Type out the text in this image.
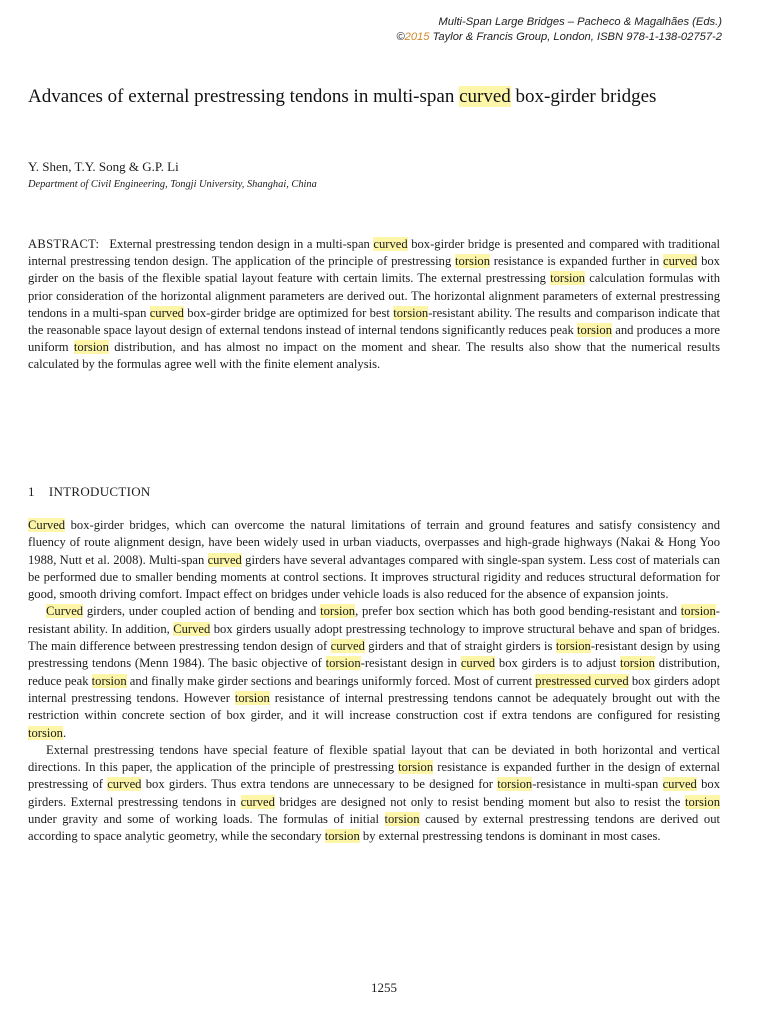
Multi-Span Large Bridges – Pacheco & Magalhães (Eds.)
©2015 Taylor & Francis Group, London, ISBN 978-1-138-02757-2
Advances of external prestressing tendons in multi-span curved box-girder bridges
Y. Shen, T.Y. Song & G.P. Li
Department of Civil Engineering, Tongji University, Shanghai, China
ABSTRACT: External prestressing tendon design in a multi-span curved box-girder bridge is presented and compared with traditional internal prestressing tendon design. The application of the principle of prestressing torsion resistance is expanded further in curved box girder on the basis of the flexible spatial layout feature with certain limits. The external prestressing torsion calculation formulas with prior consideration of the horizontal alignment parameters are derived out. The horizontal alignment parameters of external prestressing tendons in a multi-span curved box-girder bridge are optimized for best torsion-resistant ability. The results and comparison indicate that the reasonable space layout design of external tendons instead of internal tendons significantly reduces peak torsion and produces a more uniform torsion distribution, and has almost no impact on the moment and shear. The results also show that the numerical results calculated by the formulas agree well with the finite element analysis.
1 INTRODUCTION

Curved box-girder bridges, which can overcome the natural limitations of terrain and ground features and satisfy consistency and fluency of route alignment design, have been widely used in urban viaducts, overpasses and high-grade highways (Nakai & Hong Yoo 1988, Nutt et al. 2008). Multi-span curved girders have several advantages compared with single-span system. Less cost of materials can be performed due to smaller bending moments at control sections. It improves structural rigidity and reduces structural deformation for good, smooth driving comfort. Impact effect on bridges under vehicle loads is also reduced for the absence of expansion joints.

Curved girders, under coupled action of bending and torsion, prefer box section which has both good bending-resistant and torsion-resistant ability. In addition, Curved box girders usually adopt prestressing technology to improve structural behave and span of bridges. The main difference between prestressing tendon design of curved girders and that of straight girders is torsion-resistant design by using prestressing tendons (Menn 1984). The basic objective of torsion-resistant design in curved box girders is to adjust torsion distribution, reduce peak torsion and finally make girder sections and bearings uniformly forced. Most of current prestressed curved box girders adopt internal prestressing tendons. However torsion resistance of internal prestressing tendons cannot be adequately brought out with the restriction within concrete section of box girder, and it will increase construction cost if extra tendons are configured for resisting torsion.

External prestressing tendons have special feature of flexible spatial layout that can be deviated in both horizontal and vertical directions. In this paper, the application of the principle of prestressing torsion resistance is expanded further in the design of external prestressing of curved box girders. Thus extra tendons are unnecessary to be designed for torsion-resistance in multi-span curved box girders. External prestressing tendons in curved bridges are designed not only to resist bending moment but also to resist the torsion under gravity and some of working loads. The formulas of initial torsion caused by external prestressing tendons are derived out according to space analytic geometry, while the secondary torsion by external prestressing tendons is dominant in most cases.

1255
